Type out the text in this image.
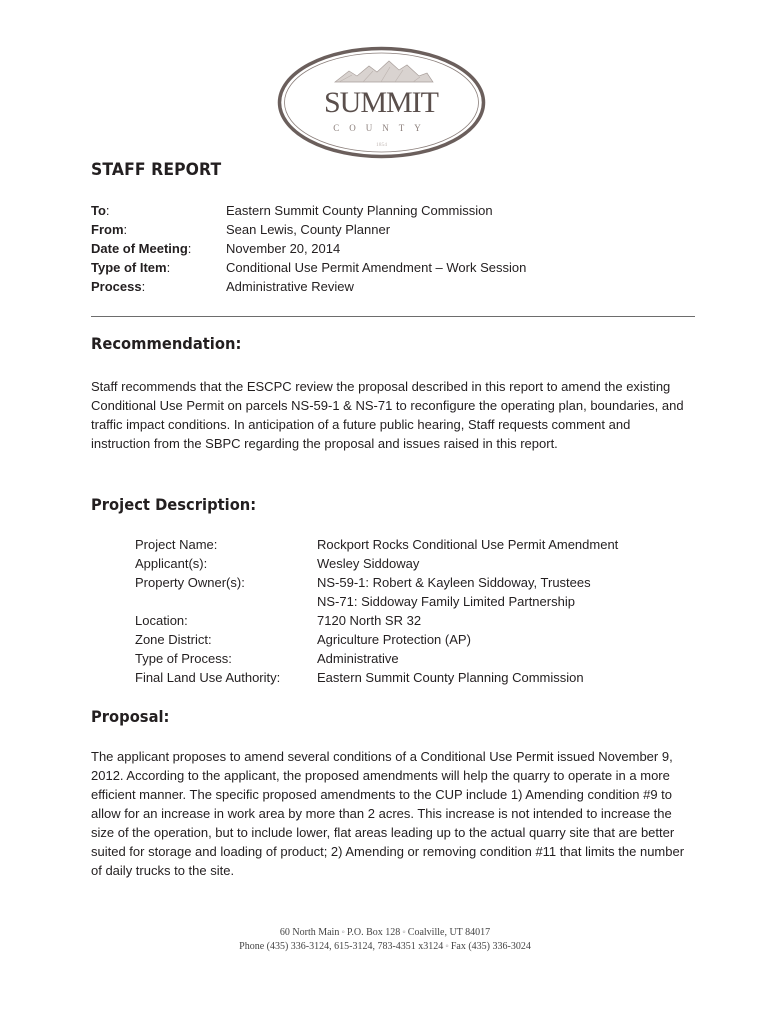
SUMMIT
COUNTY
1854
STAFF REPORT
To:	Eastern Summit County Planning Commission
From:	Sean Lewis, County Planner
Date of Meeting:	November 20, 2014
Type of Item:	Conditional Use Permit Amendment – Work Session
Process:	Administrative Review
Recommendation:
Staff recommends that the ESCPC review the proposal described in this report to amend the existing Conditional Use Permit on parcels NS-59-1 & NS-71 to reconfigure the operating plan, boundaries, and traffic impact conditions. In anticipation of a future public hearing, Staff requests comment and instruction from the SBPC regarding the proposal and issues raised in this report.
Project Description:
Project Name:	Rockport Rocks Conditional Use Permit Amendment
Applicant(s):	Wesley Siddoway
Property Owner(s):	NS-59-1: Robert & Kayleen Siddoway, Trustees
NS-71: Siddoway Family Limited Partnership
Location:	7120 North SR 32
Zone District:	Agriculture Protection (AP)
Type of Process:	Administrative
Final Land Use Authority:	Eastern Summit County Planning Commission
Proposal:
The applicant proposes to amend several conditions of a Conditional Use Permit issued November 9, 2012. According to the applicant, the proposed amendments will help the quarry to operate in a more efficient manner. The specific proposed amendments to the CUP include 1) Amending condition #9 to allow for an increase in work area by more than 2 acres. This increase is not intended to increase the size of the operation, but to include lower, flat areas leading up to the actual quarry site that are better suited for storage and loading of product; 2) Amending or removing condition #11 that limits the number of daily trucks to the site.
60 North Main ◦ P.O. Box 128 ◦ Coalville, UT 84017
Phone (435) 336-3124, 615-3124, 783-4351 x3124 ◦ Fax (435) 336-3024
